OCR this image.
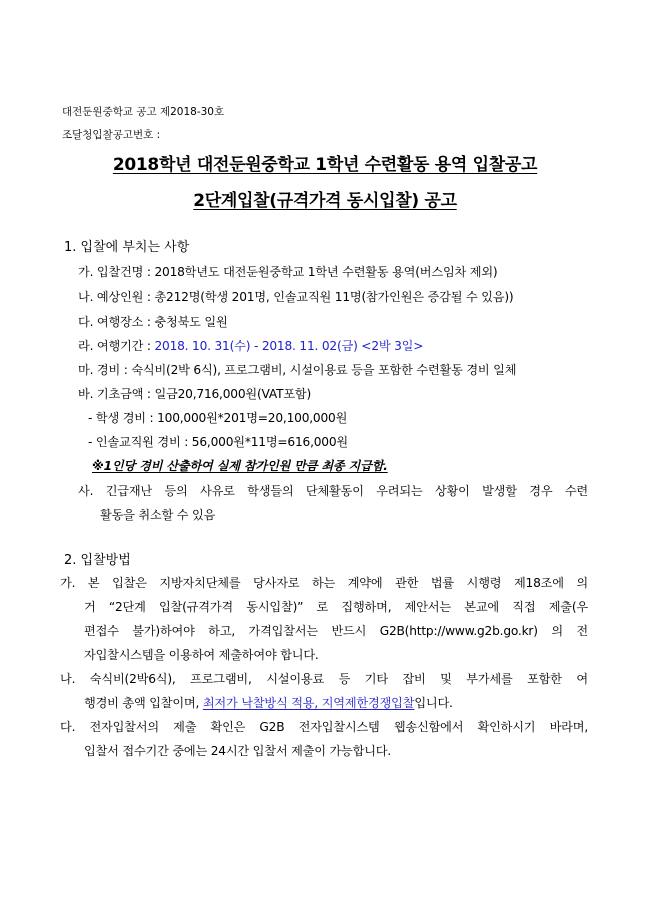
대전둔원중학교 공고 제2018-30호
조달청입찰공고번호 :
2018학년 대전둔원중학교 1학년 수련활동 용역 입찰공고
2단계입찰(규격가격 동시입찰) 공고
1. 입찰에 부치는 사항
가. 입찰건명 : 2018학년도 대전둔원중학교 1학년 수련활동 용역(버스임차 제외)
나. 예상인원 : 총212명(학생 201명, 인솔교직원 11명(참가인원은 증감될 수 있음))
다. 여행장소 : 충청북도 일원
라. 여행기간 : 2018. 10. 31(수) - 2018. 11. 02(금) <2박 3일>
마. 경비 : 숙식비(2박 6식), 프로그램비, 시설이용료 등을 포함한 수련활동 경비 일체
바. 기초금액 : 일금20,716,000원(VAT포함)
- 학생 경비 : 100,000원*201명=20,100,000원
- 인솔교직원 경비 : 56,000원*11명=616,000원
※1인당 경비 산출하여 실제 참가인원 만큼 최종 지급함.
사. 긴급재난 등의 사유로 학생들의 단체활동이 우려되는 상황이 발생할 경우 수련
활동을 취소할 수 있음
2. 입찰방법
가. 본 입찰은 지방자치단체를 당사자로 하는 계약에 관한 법률 시행령 제18조에 의
거 “2단계 입찰(규격가격 동시입찰)” 로 집행하며, 제안서는 본교에 직접 제출(우
편접수 불가)하여야 하고, 가격입찰서는 반드시 G2B(http://www.g2b.go.kr) 의 전
자입찰시스템을 이용하여 제출하여야 합니다.
나. 숙식비(2박6식), 프로그램비, 시설이용료 등 기타 잡비 및 부가세를 포함한 여
행경비 총액 입찰이며, 최저가 낙찰방식 적용, 지역제한경쟁입찰입니다.
다. 전자입찰서의 제출 확인은 G2B 전자입찰시스템 웹송신함에서 확인하시기 바라며,
입찰서 접수기간 중에는 24시간 입찰서 제출이 가능합니다.
